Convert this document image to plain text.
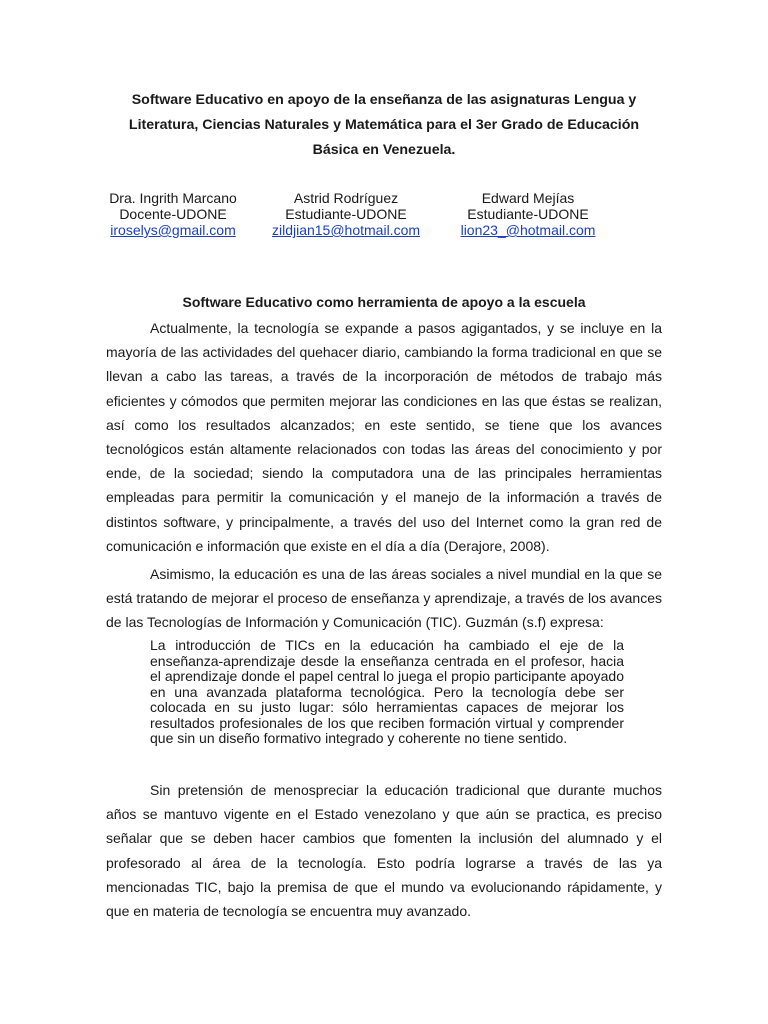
Software Educativo en apoyo de la enseñanza de las asignaturas Lengua y Literatura, Ciencias Naturales y Matemática para el 3er Grado de Educación Básica en Venezuela.
Dra. Ingrith Marcano
Docente-UDONE
iroselys@gmail.com
Astrid Rodríguez
Estudiante-UDONE
zildjian15@hotmail.com
Edward Mejías
Estudiante-UDONE
lion23_@hotmail.com
Software Educativo como herramienta de apoyo a la escuela

Actualmente, la tecnología se expande a pasos agigantados, y se incluye en la mayoría de las actividades del quehacer diario, cambiando la forma tradicional en que se llevan a cabo las tareas, a través de la incorporación de métodos de trabajo más eficientes y cómodos que permiten mejorar las condiciones en las que éstas se realizan, así como los resultados alcanzados; en este sentido, se tiene que los avances tecnológicos están altamente relacionados con todas las áreas del conocimiento y por ende, de la sociedad; siendo la computadora una de las principales herramientas empleadas para permitir la comunicación y el manejo de la información a través de distintos software, y principalmente, a través del uso del Internet como la gran red de comunicación e información que existe en el día a día (Derajore, 2008).

Asimismo, la educación es una de las áreas sociales a nivel mundial en la que se está tratando de mejorar el proceso de enseñanza y aprendizaje, a través de los avances de las Tecnologías de Información y Comunicación (TIC). Guzmán (s.f) expresa:

La introducción de TICs en la educación ha cambiado el eje de la enseñanza-aprendizaje desde la enseñanza centrada en el profesor, hacia el aprendizaje donde el papel central lo juega el propio participante apoyado en una avanzada plataforma tecnológica. Pero la tecnología debe ser colocada en su justo lugar: sólo herramientas capaces de mejorar los resultados profesionales de los que reciben formación virtual y comprender que sin un diseño formativo integrado y coherente no tiene sentido.

Sin pretensión de menospreciar la educación tradicional que durante muchos años se mantuvo vigente en el Estado venezolano y que aún se practica, es preciso señalar que se deben hacer cambios que fomenten la inclusión del alumnado y el profesorado al área de la tecnología. Esto podría lograrse a través de las ya mencionadas TIC, bajo la premisa de que el mundo va evolucionando rápidamente, y que en materia de tecnología se encuentra muy avanzado.
